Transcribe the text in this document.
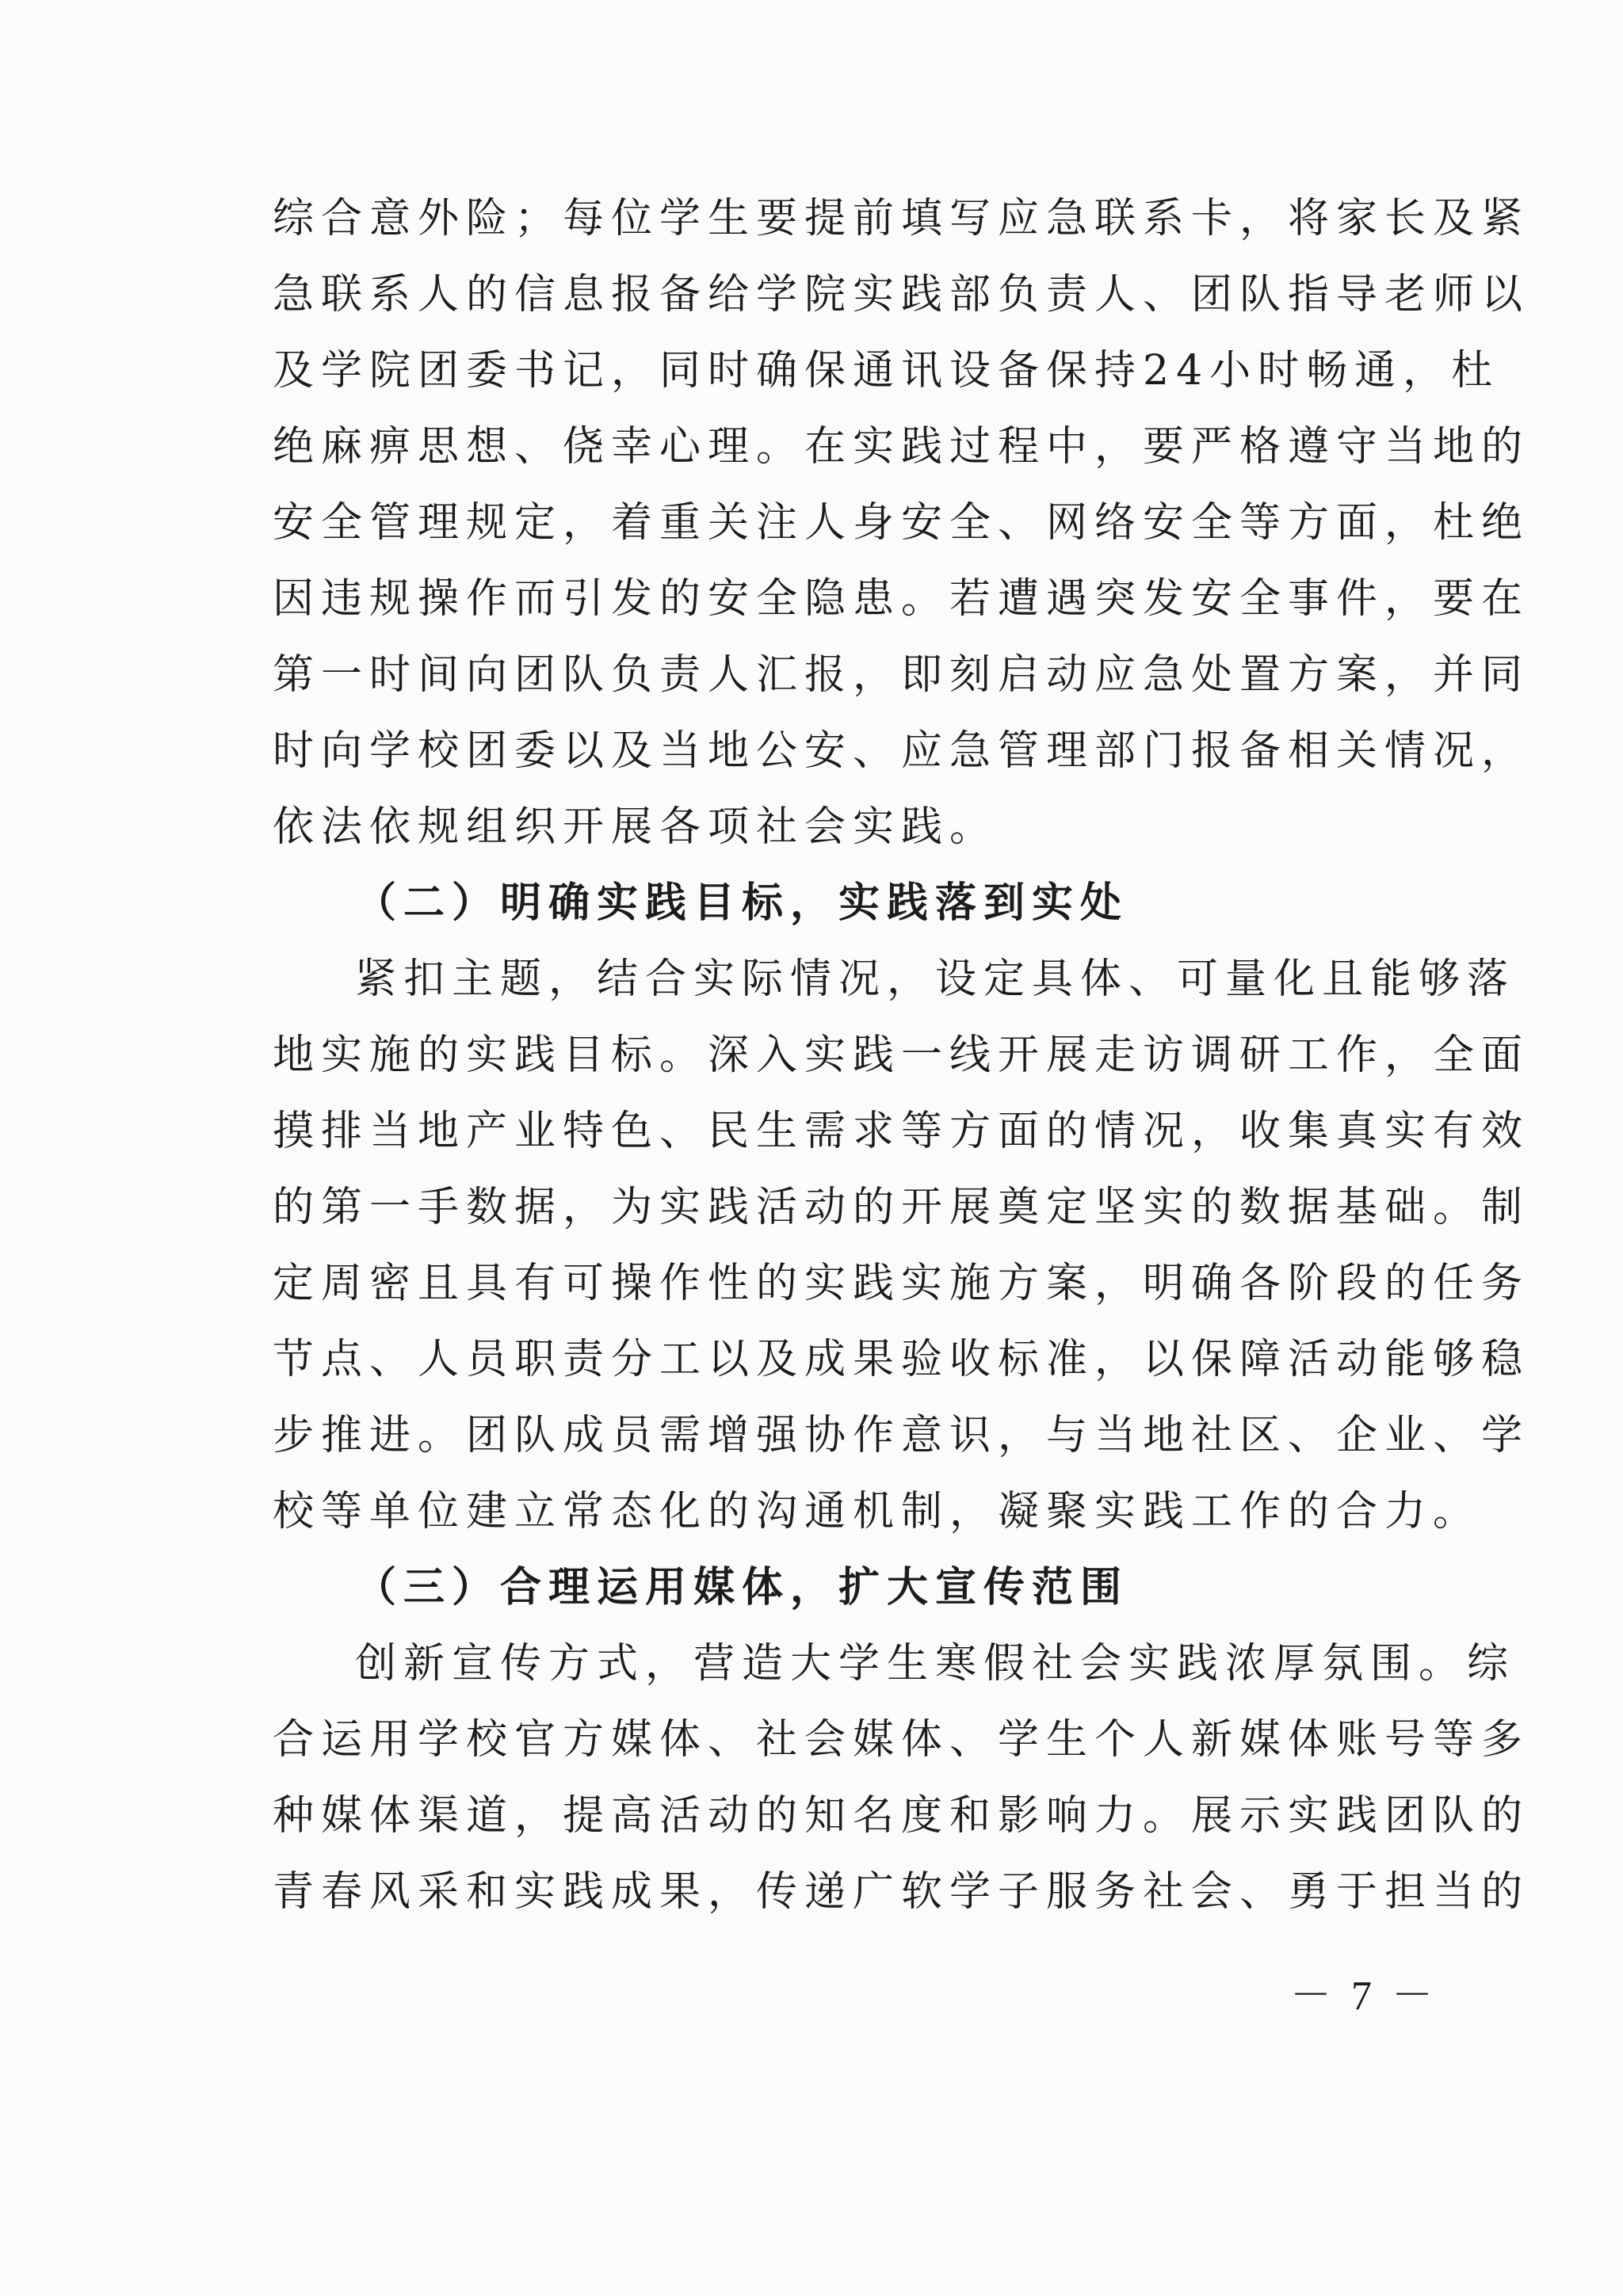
综合意外险；每位学生要提前填写应急联系卡，将家长及紧
急联系人的信息报备给学院实践部负责人、团队指导老师以
及学院团委书记，同时确保通讯设备保持24小时畅通，杜
绝麻痹思想、侥幸心理。在实践过程中，要严格遵守当地的
安全管理规定，着重关注人身安全、网络安全等方面，杜绝
因违规操作而引发的安全隐患。若遭遇突发安全事件，要在
第一时间向团队负责人汇报，即刻启动应急处置方案，并同
时向学校团委以及当地公安、应急管理部门报备相关情况，
依法依规组织开展各项社会实践。
（二）明确实践目标，实践落到实处
紧扣主题，结合实际情况，设定具体、可量化且能够落
地实施的实践目标。深入实践一线开展走访调研工作，全面
摸排当地产业特色、民生需求等方面的情况，收集真实有效
的第一手数据，为实践活动的开展奠定坚实的数据基础。制
定周密且具有可操作性的实践实施方案，明确各阶段的任务
节点、人员职责分工以及成果验收标准，以保障活动能够稳
步推进。团队成员需增强协作意识，与当地社区、企业、学
校等单位建立常态化的沟通机制，凝聚实践工作的合力。
（三）合理运用媒体，扩大宣传范围
创新宣传方式，营造大学生寒假社会实践浓厚氛围。综
合运用学校官方媒体、社会媒体、学生个人新媒体账号等多
种媒体渠道，提高活动的知名度和影响力。展示实践团队的
青春风采和实践成果，传递广软学子服务社会、勇于担当的
－ 7 －
